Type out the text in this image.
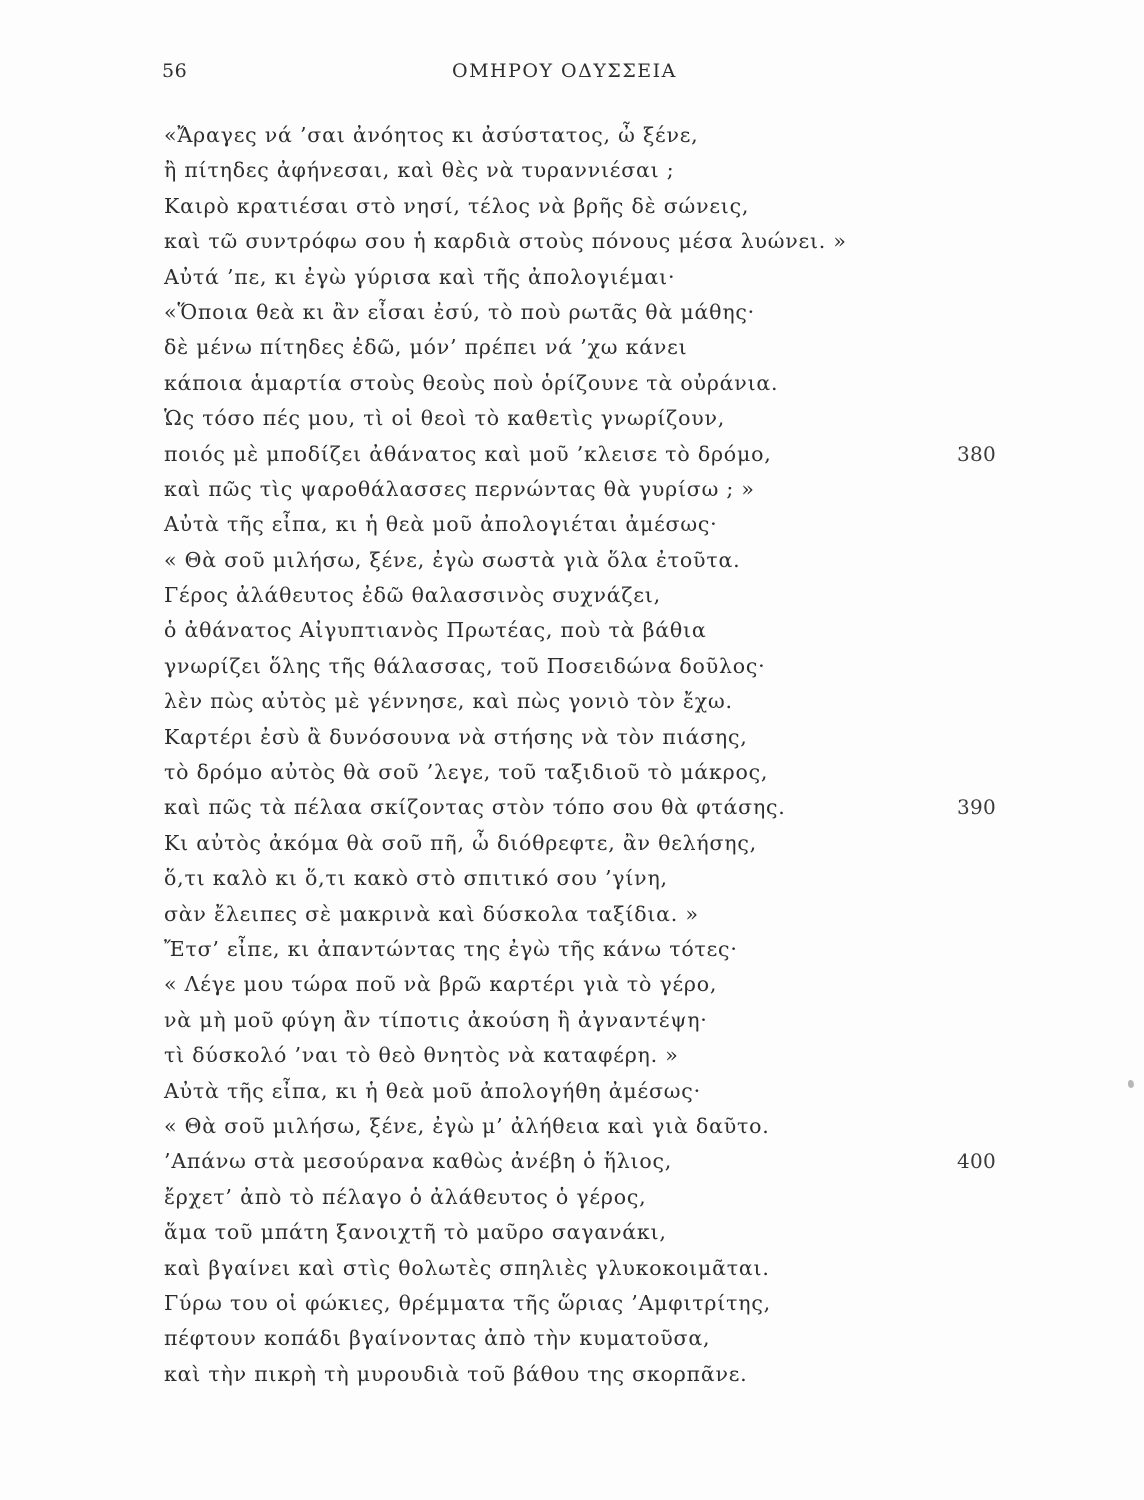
56	ΟΜΗΡΟΥ ΟΔΥΣΣΕΙΑ
«Ἄραγες νά ’σαι ἀνόητος κι ἀσύστατος, ὦ ξένε,
ἢ πίτηδες ἀφήνεσαι, καὶ θὲς νὰ τυραννιέσαι ;
Καιρὸ κρατιέσαι στὸ νησί, τέλος νὰ βρῆς δὲ σώνεις,
καὶ τῶ συντρόφω σου ἡ καρδιὰ στοὺς πόνους μέσα λυώνει. »
Αὐτά ’πε, κι ἐγὼ γύρισα καὶ τῆς ἀπολογιέμαι·
«Ὅποια θεὰ κι ἂν εἶσαι ἐσύ, τὸ ποὺ ρωτᾶς θὰ μάθης·
δὲ μένω πίτηδες ἐδῶ, μόν’ πρέπει νά ’χω κάνει
κάποια ἁμαρτία στοὺς θεοὺς ποὺ ὁρίζουνε τὰ οὐράνια.
Ὡς τόσο πές μου, τὶ οἱ θεοὶ τὸ καθετὶς γνωρίζουν,
ποιός μὲ μποδίζει ἀθάνατος καὶ μοῦ ’κλεισε τὸ δρόμο,	380
καὶ πῶς τὶς ψαροθάλασσες περνώντας θὰ γυρίσω ; »
Αὐτὰ τῆς εἶπα, κι ἡ θεὰ μοῦ ἀπολογιέται ἀμέσως·
« Θὰ σοῦ μιλήσω, ξένε, ἐγὼ σωστὰ γιὰ ὅλα ἐτοῦτα.
Γέρος ἀλάθευτος ἐδῶ θαλασσινὸς συχνάζει,
ὁ ἀθάνατος Αἰγυπτιανὸς Πρωτέας, ποὺ τὰ βάθια
γνωρίζει ὅλης τῆς θάλασσας, τοῦ Ποσειδώνα δοῦλος·
λὲν πὼς αὐτὸς μὲ γέννησε, καὶ πὼς γονιὸ τὸν ἔχω.
Καρτέρι ἐσὺ ἂ δυνόσουνα νὰ στήσης νὰ τὸν πιάσης,
τὸ δρόμο αὐτὸς θὰ σοῦ ’λεγε, τοῦ ταξιδιοῦ τὸ μάκρος,
καὶ πῶς τὰ πέλαα σκίζοντας στὸν τόπο σου θὰ φτάσης.	390
Κι αὐτὸς ἀκόμα θὰ σοῦ πῆ, ὦ διόθρεφτε, ἂν θελήσης,
ὅ,τι καλὸ κι ὅ,τι κακὸ στὸ σπιτικό σου ’γίνη,
σὰν ἔλειπες σὲ μακρινὰ καὶ δύσκολα ταξίδια. »
Ἔτσ’ εἶπε, κι ἀπαντώντας της ἐγὼ τῆς κάνω τότες·
« Λέγε μου τώρα ποῦ νὰ βρῶ καρτέρι γιὰ τὸ γέρο,
νὰ μὴ μοῦ φύγη ἂν τίποτις ἀκούση ἢ ἀγναντέψη·
τὶ δύσκολό ’ναι τὸ θεὸ θνητὸς νὰ καταφέρη. »
Αὐτὰ τῆς εἶπα, κι ἡ θεὰ μοῦ ἀπολογήθη ἀμέσως·
« Θὰ σοῦ μιλήσω, ξένε, ἐγὼ μ’ ἀλήθεια καὶ γιὰ δαῦτο.
’Απάνω στὰ μεσούρανα καθὼς ἀνέβη ὁ ἥλιος,	400
ἔρχετ’ ἀπὸ τὸ πέλαγο ὁ ἀλάθευτος ὁ γέρος,
ἅμα τοῦ μπάτη ξανοιχτῆ τὸ μαῦρο σαγανάκι,
καὶ βγαίνει καὶ στὶς θολωτὲς σπηλιὲς γλυκοκοιμᾶται.
Γύρω του οἱ φώκιες, θρέμματα τῆς ὥριας ’Αμφιτρίτης,
πέφτουν κοπάδι βγαίνοντας ἀπὸ τὴν κυματοῦσα,
καὶ τὴν πικρὴ τὴ μυρουδιὰ τοῦ βάθου της σκορπᾶνε.
